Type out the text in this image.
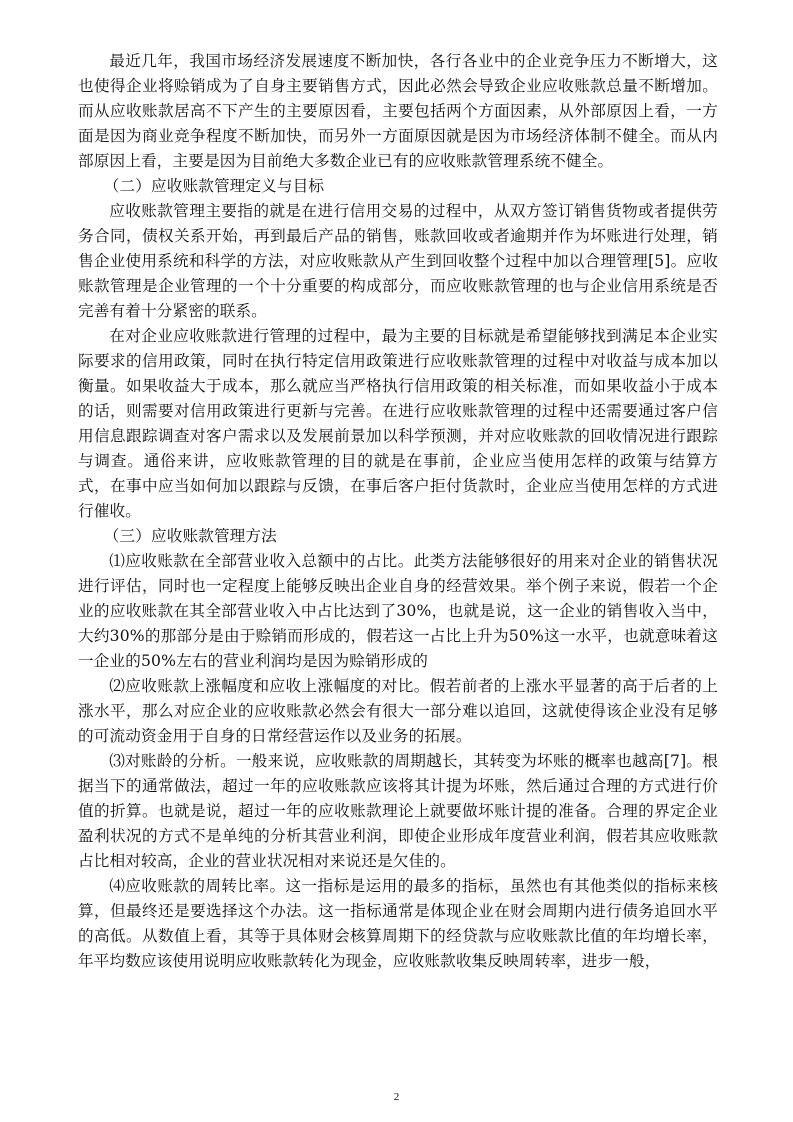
最近几年，我国市场经济发展速度不断加快，各行各业中的企业竞争压力不断增大，这也使得企业将赊销成为了自身主要销售方式，因此必然会导致企业应收账款总量不断增加。而从应收账款居高不下产生的主要原因看，主要包括两个方面因素，从外部原因上看，一方面是因为商业竞争程度不断加快，而另外一方面原因就是因为市场经济体制不健全。而从内部原因上看，主要是因为目前绝大多数企业已有的应收账款管理系统不健全。

（二）应收账款管理定义与目标

应收账款管理主要指的就是在进行信用交易的过程中，从双方签订销售货物或者提供劳务合同，债权关系开始，再到最后产品的销售，账款回收或者逾期并作为坏账进行处理，销售企业使用系统和科学的方法，对应收账款从产生到回收整个过程中加以合理管理[5]。应收账款管理是企业管理的一个十分重要的构成部分，而应收账款管理的也与企业信用系统是否完善有着十分紧密的联系。

在对企业应收账款进行管理的过程中，最为主要的目标就是希望能够找到满足本企业实际要求的信用政策，同时在执行特定信用政策进行应收账款管理的过程中对收益与成本加以衡量。如果收益大于成本，那么就应当严格执行信用政策的相关标准，而如果收益小于成本的话，则需要对信用政策进行更新与完善。在进行应收账款管理的过程中还需要通过客户信用信息跟踪调查对客户需求以及发展前景加以科学预测，并对应收账款的回收情况进行跟踪与调查。通俗来讲，应收账款管理的目的就是在事前，企业应当使用怎样的政策与结算方式，在事中应当如何加以跟踪与反馈，在事后客户拒付货款时，企业应当使用怎样的方式进行催收。

（三）应收账款管理方法

⑴应收账款在全部营业收入总额中的占比。此类方法能够很好的用来对企业的销售状况进行评估，同时也一定程度上能够反映出企业自身的经营效果。举个例子来说，假若一个企业的应收账款在其全部营业收入中占比达到了30%，也就是说，这一企业的销售收入当中，大约30%的那部分是由于赊销而形成的，假若这一占比上升为50%这一水平，也就意味着这一企业的50%左右的营业利润均是因为赊销形成的

⑵应收账款上涨幅度和应收上涨幅度的对比。假若前者的上涨水平显著的高于后者的上涨水平，那么对应企业的应收账款必然会有很大一部分难以追回，这就使得该企业没有足够的可流动资金用于自身的日常经营运作以及业务的拓展。

⑶对账龄的分析。一般来说，应收账款的周期越长，其转变为坏账的概率也越高[7]。根据当下的通常做法，超过一年的应收账款应该将其计提为坏账，然后通过合理的方式进行价值的折算。也就是说，超过一年的应收账款理论上就要做坏账计提的准备。合理的界定企业盈利状况的方式不是单纯的分析其营业利润，即使企业形成年度营业利润，假若其应收账款占比相对较高，企业的营业状况相对来说还是欠佳的。

⑷应收账款的周转比率。这一指标是运用的最多的指标，虽然也有其他类似的指标来核算，但最终还是要选择这个办法。这一指标通常是体现企业在财会周期内进行债务追回水平的高低。从数值上看，其等于具体财会核算周期下的经贷款与应收账款比值的年均增长率，年平均数应该使用说明应收账款转化为现金，应收账款收集反映周转率，进步一般，

2
